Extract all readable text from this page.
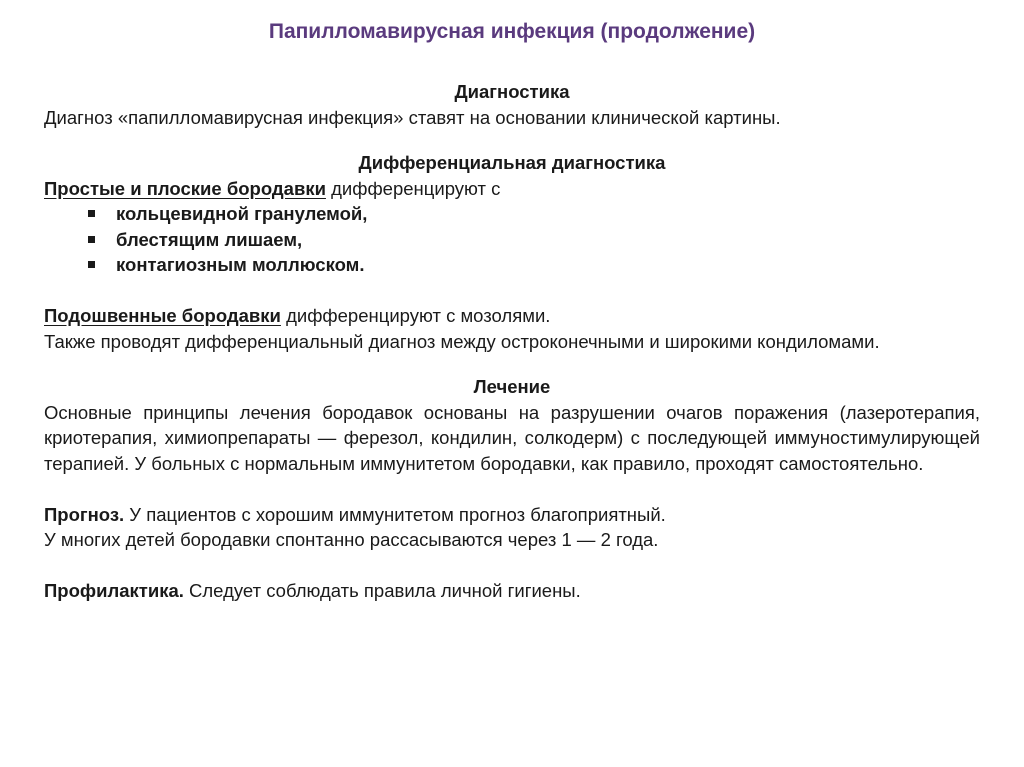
Папилломавирусная инфекция (продолжение)
Диагностика

Диагноз «папилломавирусная инфекция» ставят на основании клинической картины.

Дифференциальная диагностика

Простые и плоские бородавки дифференцируют с

кольцевидной гранулемой,
блестящим лишаем,
контагиозным моллюском.

Подошвенные бородавки дифференцируют с мозолями.

Также проводят дифференциальный диагноз между остроконечными и широкими кондиломами.

Лечение

Основные принципы лечения бородавок основаны на разрушении очагов поражения (лазеротерапия, криотерапия, химиопрепараты — ферезол, кондилин, солкодерм) с последующей иммуностимулирующей терапией. У больных с нормальным иммунитетом бородавки, как правило, проходят самостоятельно.

Прогноз. У пациентов с хорошим иммунитетом прогноз благоприятный.

У многих детей бородавки спонтанно рассасываются через 1 — 2 года.

Профилактика. Следует соблюдать правила личной гигиены.
